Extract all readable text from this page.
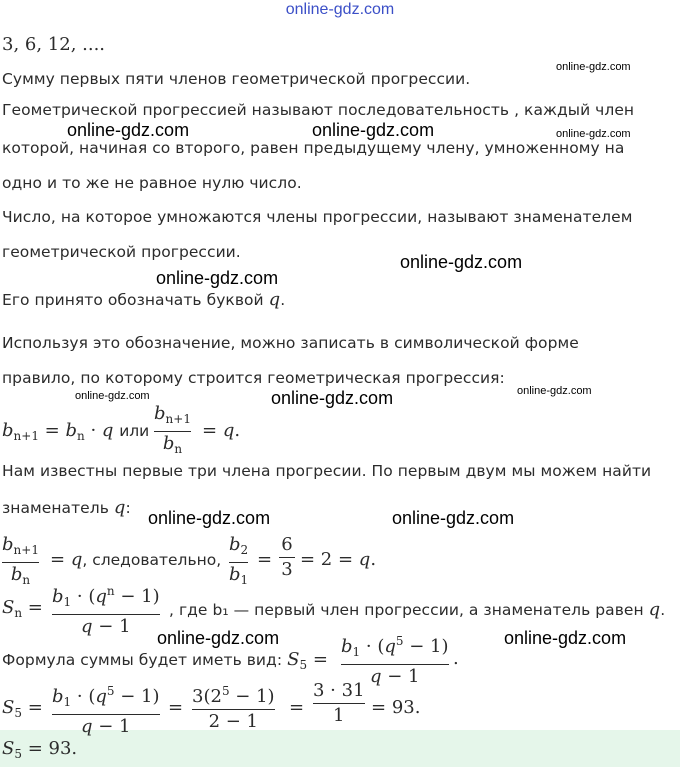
online-gdz.com
3, 6, 12, ....
Сумму первых пяти членов геометрической прогрессии.
Геометрической прогрессией называют последовательность , каждый член
которой, начиная со второго, равен предыдущему члену, умноженному на
одно и то же не равное нулю число.
Число, на которое умножаются члены прогрессии, называют знаменателем
геометрической прогрессии.
Его принято обозначать буквой q.
Используя это обозначение, можно записать в символической форме
правило, по которому строится геометрическая прогрессия:
$b_{n+1} = b_n \cdot q$ или
$b_{n+1}$
$b_n$
= q.
Нам известны первые три члена прогресии. По первым двум мы можем найти
знаменатель q:
$b_{n+1}$
$b_n$
= q, следовательно,
$b_2$
$b_1$
=
6
3 = 2 = q.
$S_n$ =
$b_1 \cdot (q^n - 1)$
q − 1
, где b₁ — первый член прогрессии, а знаменатель равен q.
Формула суммы будет иметь вид: $S_5$ =
$b_1 \cdot (q^5 - 1)$
q − 1
.
$S_5$ =
$b_1 \cdot (q^5 - 1)$
q − 1
=
$3(2^5 - 1)$
2 − 1
=
3 · 31
1	= 93.
$S_5 = 93$.
online-gdz.com
online-gdz.com
online-gdz.com
online-gdz.com
online-gdz.com	online-gdz.com
online-gdz.com
online-gdz.com
online-gdz.com
online-gdz.com	online-gdz.com
online-gdz.com	online-gdz.com
